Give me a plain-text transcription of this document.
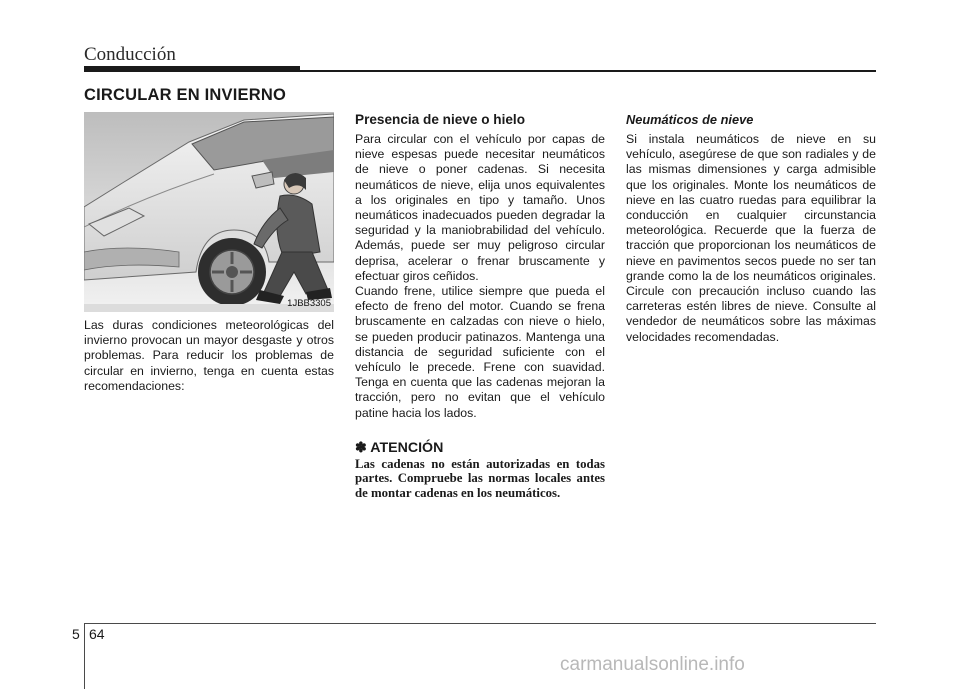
Conducción
CIRCULAR EN INVIERNO
1JBB3305

Las duras condiciones meteorológicas del invierno provocan un mayor desgaste y otros problemas. Para reducir los problemas de circular en invierno, tenga en cuenta estas recomendaciones:

Presencia de nieve o hielo

Para circular con el vehículo por capas de nieve espesas puede necesitar neumáticos de nieve o poner cadenas. Si necesita neumáticos de nieve, elija unos equivalentes a los originales en tipo y tamaño. Unos neumáticos inadecuados pueden degradar la seguridad y la maniobrabilidad del vehículo. Además, puede ser muy peligroso circular deprisa, acelerar o frenar bruscamente y efectuar giros ceñidos.

Cuando frene, utilice siempre que pueda el efecto de freno del motor. Cuando se frena bruscamente en calzadas con nieve o hielo, se pueden producir patinazos. Mantenga una distancia de seguridad suficiente con el vehículo le precede. Frene con suavidad. Tenga en cuenta que las cadenas mejoran la tracción, pero no evitan que el vehículo patine hacia los lados.

✽ ATENCIÓN
Las cadenas no están autorizadas en todas partes. Compruebe las normas locales antes de montar cadenas en los neumáticos.
Neumáticos de nieve

Si instala neumáticos de nieve en su vehículo, asegúrese de que son radiales y de las mismas dimensiones y carga admisible que los originales. Monte los neumáticos de nieve en las cuatro ruedas para equilibrar la conducción en cualquier circunstancia meteorológica. Recuerde que la fuerza de tracción que proporcionan los neumáticos de nieve en pavimentos secos puede no ser tan grande como la de los neumáticos originales. Circule con precaución incluso cuando las carreteras estén libres de nieve. Consulte al vendedor de neumáticos sobre las máximas velocidades recomendadas.

5 64
carmanualsonline.info
